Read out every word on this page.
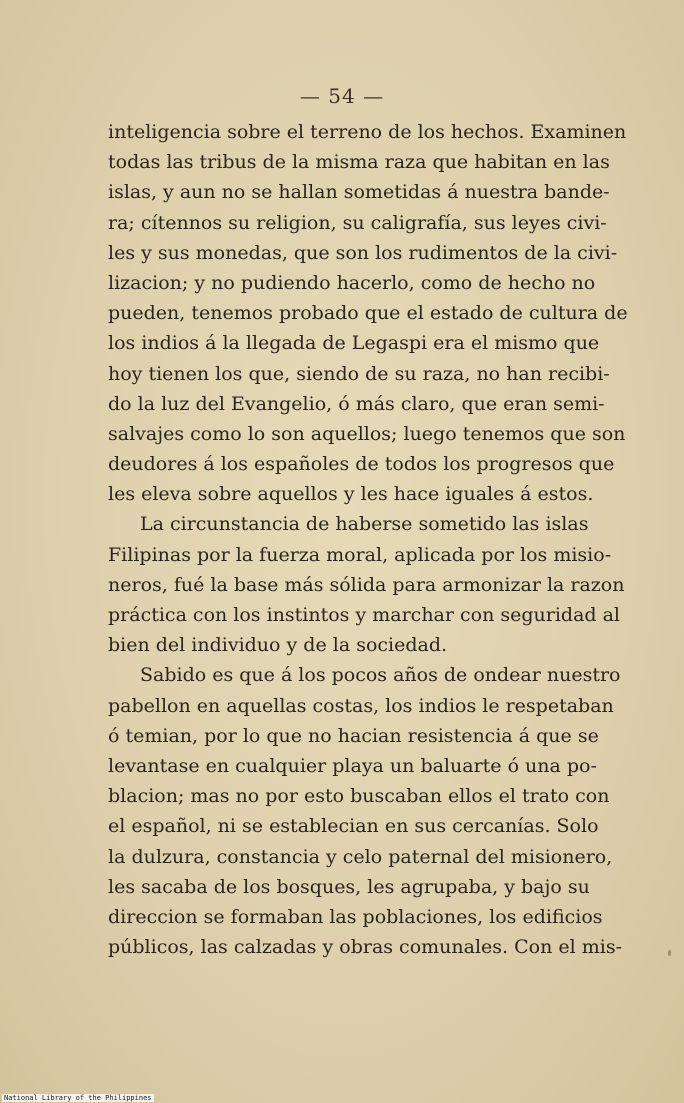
— 54 —
inteligencia sobre el terreno de los hechos. Examinen
todas las tribus de la misma raza que habitan en las
islas, y aun no se hallan sometidas á nuestra bande-
ra; cítennos su religion, su caligrafía, sus leyes civi-
les y sus monedas, que son los rudimentos de la civi-
lizacion; y no pudiendo hacerlo, como de hecho no
pueden, tenemos probado que el estado de cultura de
los indios á la llegada de Legaspi era el mismo que
hoy tienen los que, siendo de su raza, no han recibi-
do la luz del Evangelio, ó más claro, que eran semi-
salvajes como lo son aquellos; luego tenemos que son
deudores á los españoles de todos los progresos que
les eleva sobre aquellos y les hace iguales á estos.
La circunstancia de haberse sometido las islas
Filipinas por la fuerza moral, aplicada por los misio-
neros, fué la base más sólida para armonizar la razon
práctica con los instintos y marchar con seguridad al
bien del individuo y de la sociedad.
Sabido es que á los pocos años de ondear nuestro
pabellon en aquellas costas, los indios le respetaban
ó temian, por lo que no hacian resistencia á que se
levantase en cualquier playa un baluarte ó una po-
blacion; mas no por esto buscaban ellos el trato con
el español, ni se establecian en sus cercanías. Solo
la dulzura, constancia y celo paternal del misionero,
les sacaba de los bosques, les agrupaba, y bajo su
direccion se formaban las poblaciones, los edificios
públicos, las calzadas y obras comunales. Con el mis-
National Library of the Philippines
